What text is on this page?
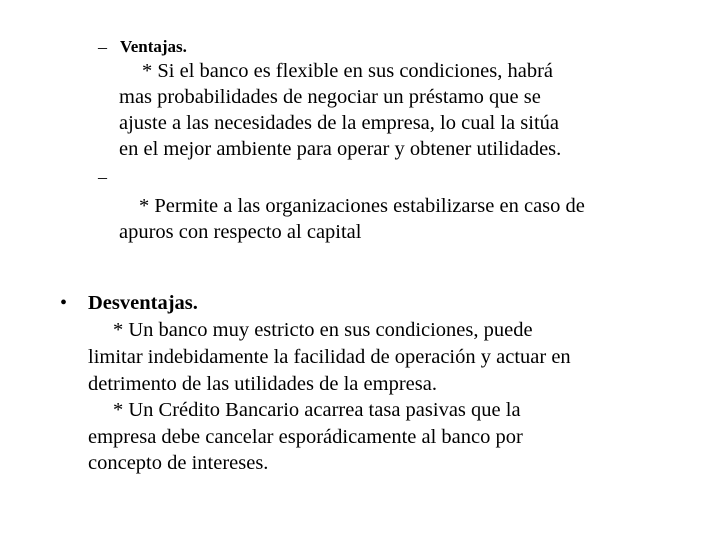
– Ventajas.
* Si el banco es flexible en sus condiciones, habrá
mas probabilidades de negociar un préstamo que se
ajuste a las necesidades de la empresa, lo cual la sitúa
en el mejor ambiente para operar y obtener utilidades.
–
* Permite a las organizaciones estabilizarse en caso de
apuros con respecto al capital
• Desventajas.
* Un banco muy estricto en sus condiciones, puede
limitar indebidamente la facilidad de operación y actuar en
detrimento de las utilidades de la empresa.
* Un Crédito Bancario acarrea tasa pasivas que la
empresa debe cancelar esporádicamente al banco por
concepto de intereses.
